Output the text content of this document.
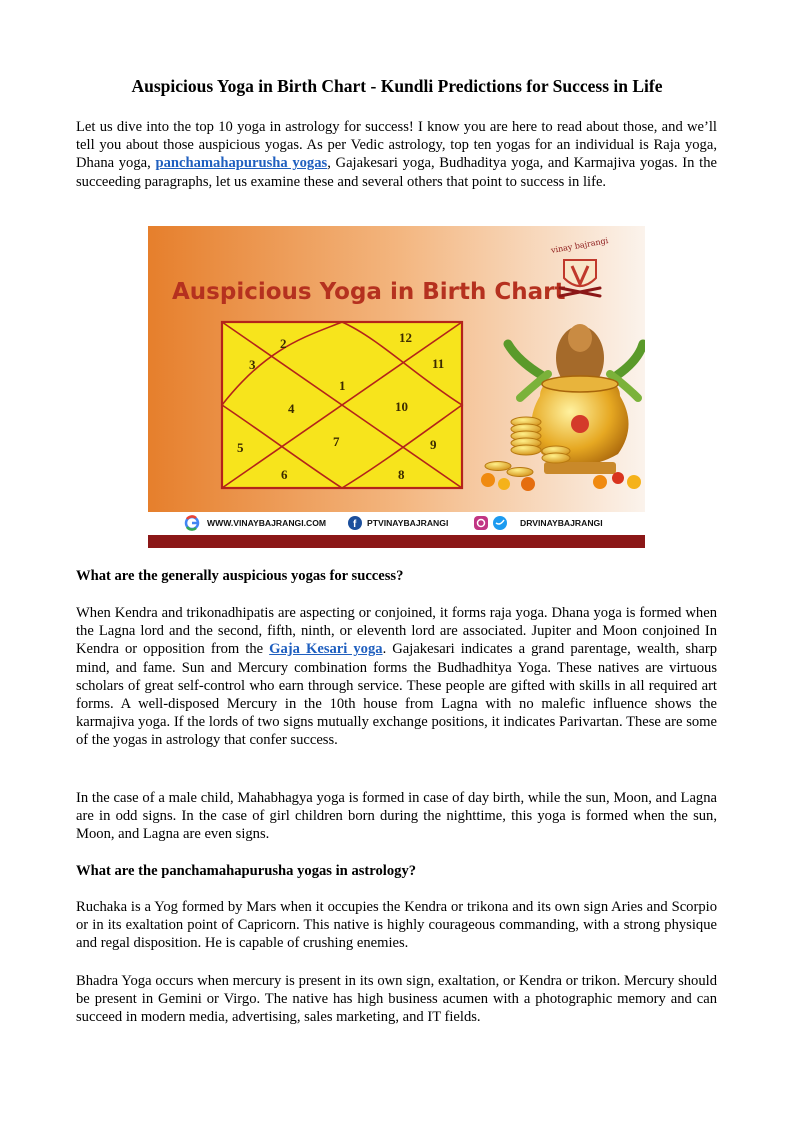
Auspicious Yoga in Birth Chart - Kundli Predictions for Success in Life

Let us dive into the top 10 yoga in astrology for success! I know you are here to read about those, and we’ll tell you about those auspicious yogas. As per Vedic astrology, top ten yogas for an individual is Raja yoga, Dhana yoga, panchamahapurusha yogas, Gajakesari yoga, Budhaditya yoga, and Karmajiva yogas. In the succeeding paragraphs, let us examine these and several others that point to success in life.

Auspicious Yoga in Birth Chart
1
2
3
4
5
6
7
8
9
10
11
12
vinay bajrangi
WWW.VINAYBAJRANGI.COM	f PTVINAYBAJRANGI	DRVINAYBAJRANGI
What are the generally auspicious yogas for success?

When Kendra and trikonadhipatis are aspecting or conjoined, it forms raja yoga. Dhana yoga is formed when the Lagna lord and the second, fifth, ninth, or eleventh lord are associated. Jupiter and Moon conjoined In Kendra or opposition from the Gaja Kesari yoga. Gajakesari indicates a grand parentage, wealth, sharp mind, and fame. Sun and Mercury combination forms the Budhadhitya Yoga. These natives are virtuous scholars of great self-control who earn through service. These people are gifted with skills in all required art forms. A well-disposed Mercury in the 10th house from Lagna with no malefic influence shows the karmajiva yoga. If the lords of two signs mutually exchange positions, it indicates Parivartan. These are some of the yogas in astrology that confer success.

In the case of a male child, Mahabhagya yoga is formed in case of day birth, while the sun, Moon, and Lagna are in odd signs. In the case of girl children born during the nighttime, this yoga is formed when the sun, Moon, and Lagna are even signs.

What are the panchamahapurusha yogas in astrology?

Ruchaka is a Yog formed by Mars when it occupies the Kendra or trikona and its own sign Aries and Scorpio or in its exaltation point of Capricorn. This native is highly courageous commanding, with a strong physique and regal disposition. He is capable of crushing enemies.

Bhadra Yoga occurs when mercury is present in its own sign, exaltation, or Kendra or trikon. Mercury should be present in Gemini or Virgo. The native has high business acumen with a photographic memory and can succeed in modern media, advertising, sales marketing, and IT fields.
